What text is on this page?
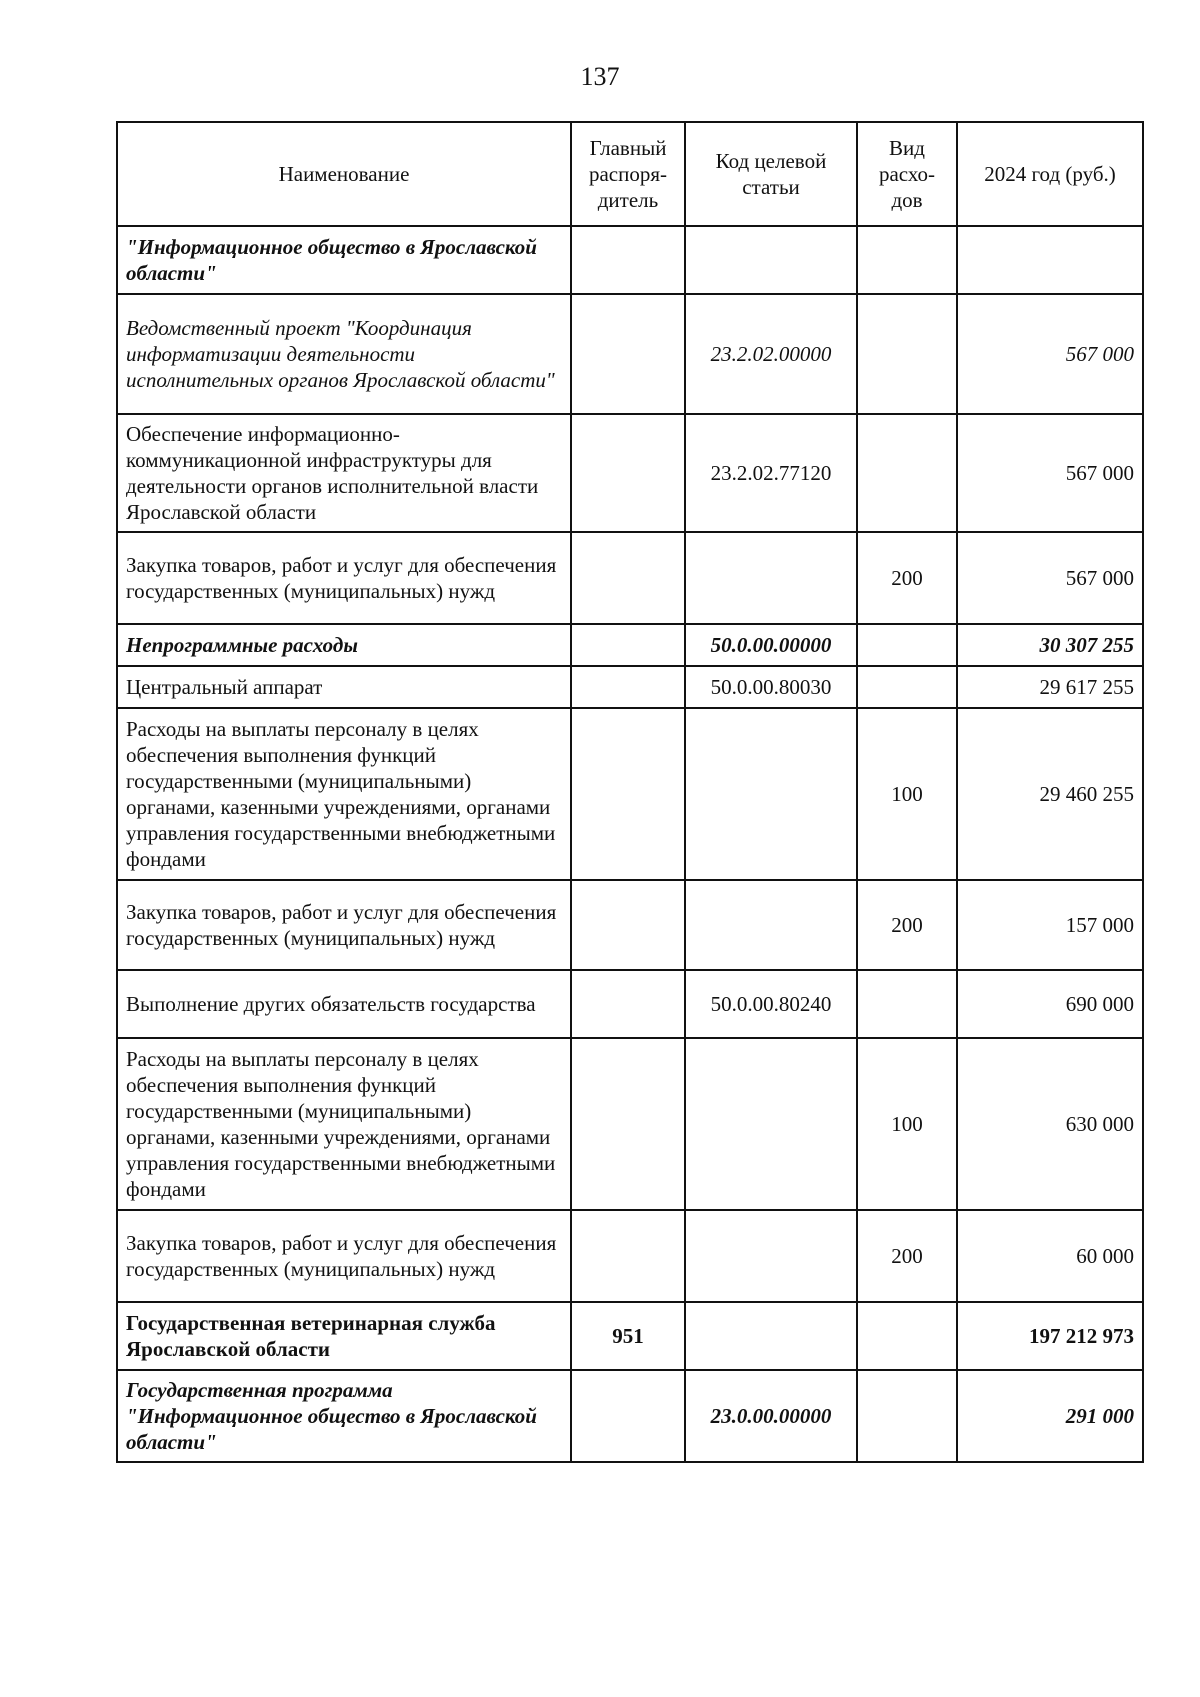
137
Наименование	Главный распоря-дитель	Код целевой статьи	Вид расхо-дов	2024 год (руб.)
"Информационное общество в Ярославской области"				
Ведомственный проект "Координация информатизации деятельности исполнительных органов Ярославской области"		23.2.02.00000		567 000
Обеспечение информационно-коммуникационной инфраструктуры для деятельности органов исполнительной власти Ярославской области		23.2.02.77120		567 000
Закупка товаров, работ и услуг для обеспечения государственных (муниципальных) нужд			200	567 000
Непрограммные расходы		50.0.00.00000		30 307 255
Центральный аппарат		50.0.00.80030		29 617 255
Расходы на выплаты персоналу в целях обеспечения выполнения функций государственными (муниципальными) органами, казенными учреждениями, органами управления государственными внебюджетными фондами			100	29 460 255
Закупка товаров, работ и услуг для обеспечения государственных (муниципальных) нужд			200	157 000
Выполнение других обязательств государства		50.0.00.80240		690 000
Расходы на выплаты персоналу в целях обеспечения выполнения функций государственными (муниципальными) органами, казенными учреждениями, органами управления государственными внебюджетными фондами			100	630 000
Закупка товаров, работ и услуг для обеспечения государственных (муниципальных) нужд			200	60 000
Государственная ветеринарная служба Ярославской области	951			197 212 973
Государственная программа "Информационное общество в Ярославской области"		23.0.00.00000		291 000
